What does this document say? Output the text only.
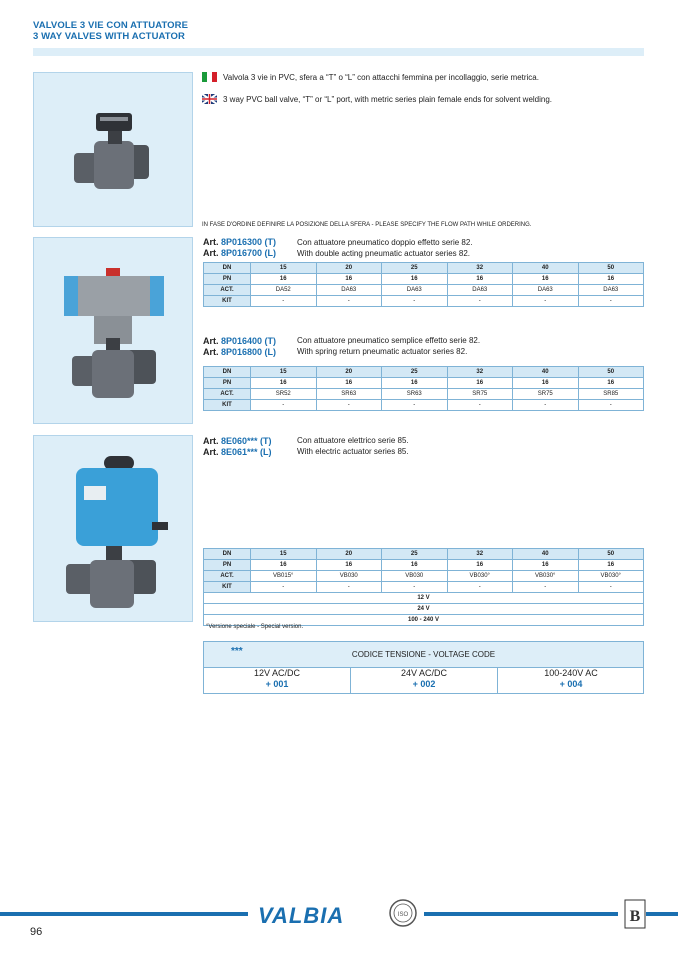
VALVOLE 3 VIE CON ATTUATORE
3 WAY VALVES WITH ACTUATOR
Valvola 3 vie in PVC, sfera a “T” o “L” con attacchi femmina per incollaggio, serie metrica.
3 way PVC ball valve, “T” or “L” port, with metric series plain female ends for solvent welding.
IN FASE D'ORDINE DEFINIRE LA POSIZIONE DELLA SFERA - PLEASE SPECIFY THE FLOW PATH WHILE ORDERING.
Art. 8P016300 (T)
Art. 8P016700 (L)
Con attuatore pneumatico doppio effetto serie 82.
With double acting pneumatic actuator series 82.
DN	15	20	25	32	40	50
PN	16	16	16	16	16	16
ACT.	DA52	DA63	DA63	DA63	DA63	DA63
KIT	-	-	-	-	-	-
Art. 8P016400 (T)
Art. 8P016800 (L)
Con attuatore pneumatico semplice effetto serie 82.
With spring return pneumatic actuator series 82.
DN	15	20	25	32	40	50
PN	16	16	16	16	16	16
ACT.	SR52	SR63	SR63	SR75	SR75	SR85
KIT	-	-	-	-	-	-
Art. 8E060*** (T)
Art. 8E061*** (L)
Con attuatore elettrico serie 85.
With electric actuator series 85.
DN	15	20	25	32	40	50
PN	16	16	16	16	16	16
ACT.	VB015°	VB030	VB030	VB030°	VB030°	VB030°
KIT	-	-	-	-	-	-
12 V						
24 V						
100 - 240 V						
°Versione speciale - Special version.
***	CODICE TENSIONE - VOLTAGE CODE
12V AC/DC
+ 001
24V AC/DC
+ 002
100-240V AC
+ 004
VALBIA	ISO	B
96
